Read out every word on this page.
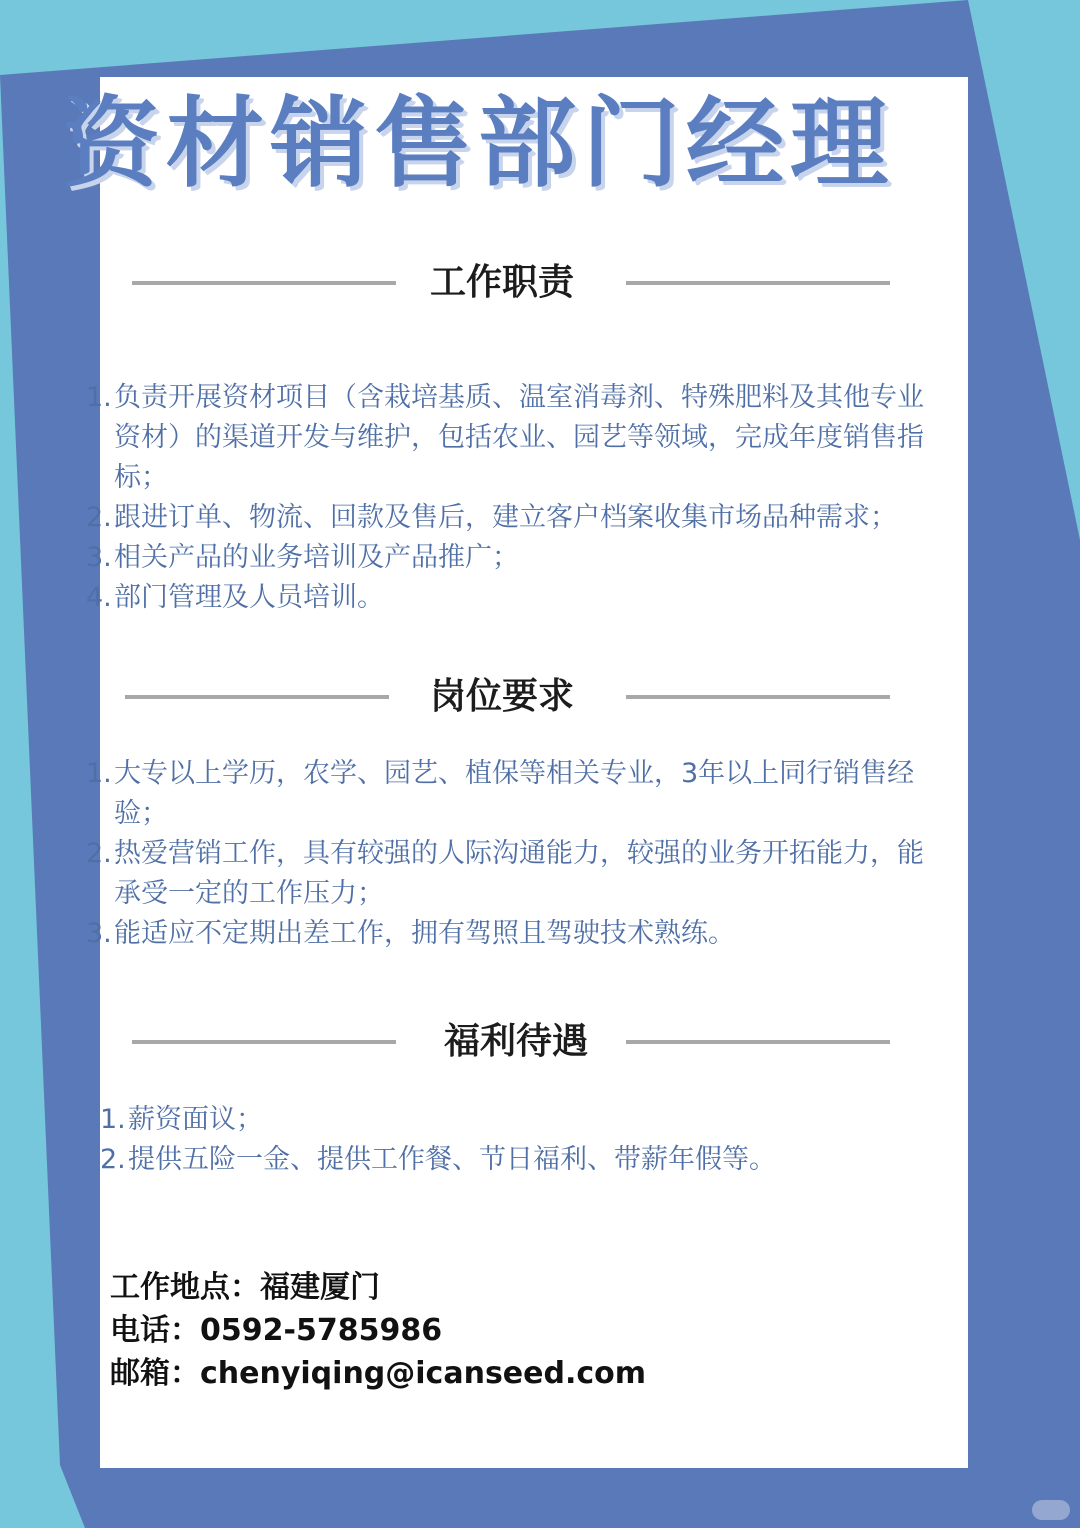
资材销售部门经理
工作职责
1. 负责开展资材项目（含栽培基质、温室消毒剂、特殊肥料及其他专业资材）的渠道开发与维护，包括农业、园艺等领域，完成年度销售指标；
2. 跟进订单、物流、回款及售后，建立客户档案收集市场品种需求；
3. 相关产品的业务培训及产品推广；
4. 部门管理及人员培训。
岗位要求
1. 大专以上学历，农学、园艺、植保等相关专业，3年以上同行销售经验；
2. 热爱营销工作，具有较强的人际沟通能力，较强的业务开拓能力，能承受一定的工作压力；
3. 能适应不定期出差工作，拥有驾照且驾驶技术熟练。
福利待遇
1. 薪资面议；
2. 提供五险一金、提供工作餐、节日福利、带薪年假等。
工作地点：福建厦门
电话：0592-5785986
邮箱：chenyiqing@icanseed.com
